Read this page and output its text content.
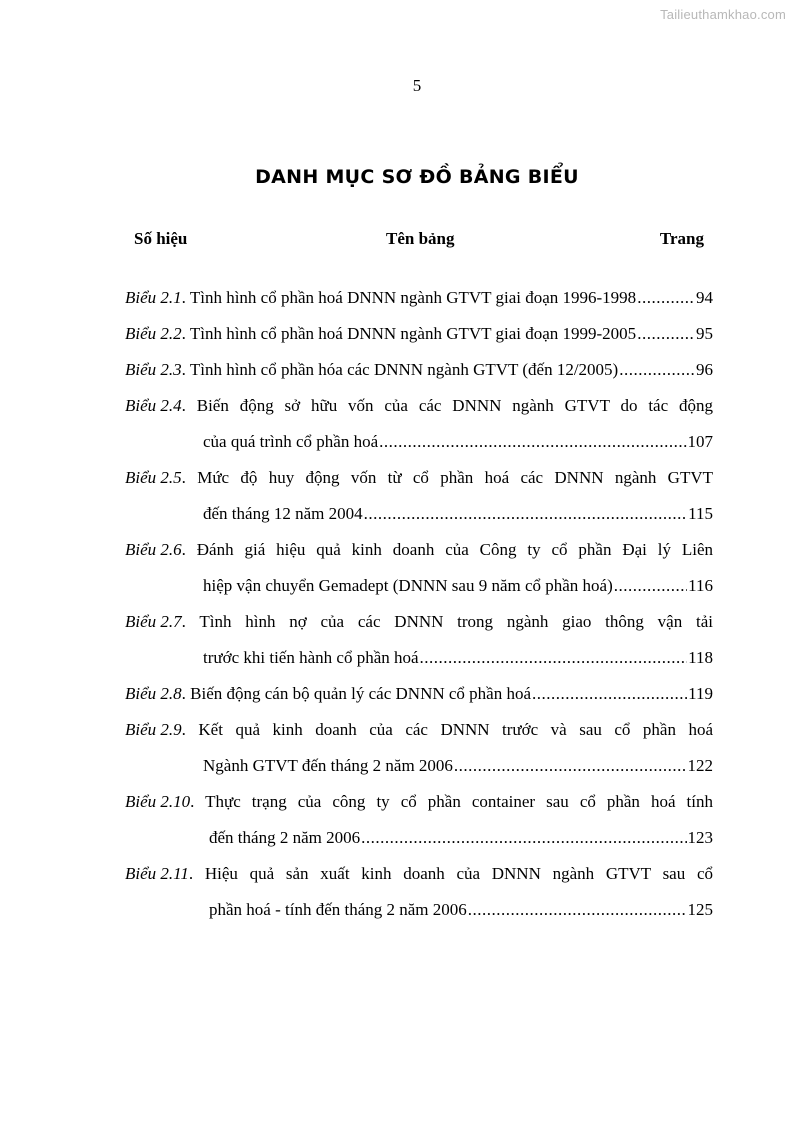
Tailieuthamkhao.com
5
DANH MỤC SƠ ĐỒ BẢNG BIỂU
Số hiệu	Tên bảng	Trang
Biểu 2.1 . Tình hình cổ phần hoá DNNN ngành GTVT giai đoạn 1996-1998 .....	94
Biểu 2.2 . Tình hình cổ phần hoá DNNN ngành GTVT giai đoạn 1999-2005 .....	95
Biểu 2.3 . Tình hình cổ phần hóa các DNNN ngành GTVT (đến 12/2005) .....	96
Biểu 2.4 . Biến động sở hữu vốn của các DNNN ngành GTVT do tác động
của quá trình cổ phần hoá .....	107
Biểu 2.5 . Mức độ huy động vốn từ cổ phần hoá các DNNN ngành GTVT
đến tháng 12 năm 2004 .....	115
Biểu 2.6 . Đánh giá hiệu quả kinh doanh của Công ty cổ phần Đại lý Liên
hiệp vận chuyển Gemadept (DNNN sau 9 năm cổ phần hoá) .....	116
Biểu 2.7 . Tình hình nợ của các DNNN trong ngành giao thông vận tải
trước khi tiến hành cổ phần hoá .....	118
Biểu 2.8 . Biến động cán bộ quản lý các DNNN cổ phần hoá .....	119
Biểu 2.9 . Kết quả kinh doanh của các DNNN trước và sau cổ phần hoá
Ngành GTVT đến tháng 2 năm 2006 .....	122
Biểu 2.10 . Thực trạng của công ty cổ phần container sau cổ phần hoá tính
đến tháng 2 năm 2006 .....	123
Biểu 2.11 . Hiệu quả sản xuất kinh doanh của DNNN ngành GTVT sau cổ
phần hoá - tính đến tháng 2 năm 2006 .....	125
